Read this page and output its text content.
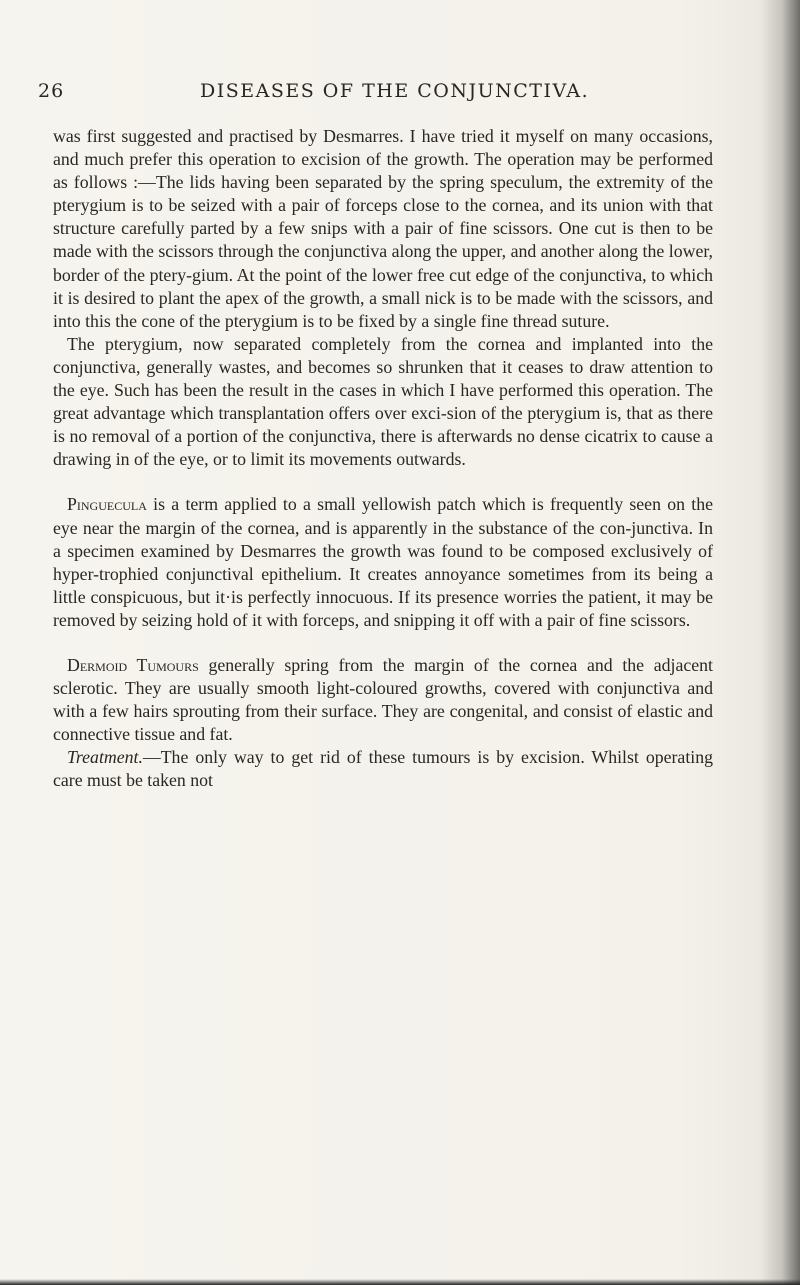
26	DISEASES OF THE CONJUNCTIVA.

was first suggested and practised by Desmarres. I have tried it myself on many occasions, and much prefer this operation to excision of the growth. The operation may be performed as follows :—The lids having been separated by the spring speculum, the extremity of the pterygium is to be seized with a pair of forceps close to the cornea, and its union with that structure carefully parted by a few snips with a pair of fine scissors. One cut is then to be made with the scissors through the conjunctiva along the upper, and another along the lower, border of the ptery-gium. At the point of the lower free cut edge of the conjunctiva, to which it is desired to plant the apex of the growth, a small nick is to be made with the scissors, and into this the cone of the pterygium is to be fixed by a single fine thread suture.

The pterygium, now separated completely from the cornea and implanted into the conjunctiva, generally wastes, and becomes so shrunken that it ceases to draw attention to the eye. Such has been the result in the cases in which I have performed this operation. The great advantage which transplantation offers over exci-sion of the pterygium is, that as there is no removal of a portion of the conjunctiva, there is afterwards no dense cicatrix to cause a drawing in of the eye, or to limit its movements outwards.

Pinguecula is a term applied to a small yellowish patch which is frequently seen on the eye near the margin of the cornea, and is apparently in the substance of the con-junctiva. In a specimen examined by Desmarres the growth was found to be composed exclusively of hyper-trophied conjunctival epithelium. It creates annoyance sometimes from its being a little conspicuous, but it·is perfectly innocuous. If its presence worries the patient, it may be removed by seizing hold of it with forceps, and snipping it off with a pair of fine scissors.

Dermoid Tumours generally spring from the margin of the cornea and the adjacent sclerotic. They are usually smooth light-coloured growths, covered with conjunctiva and with a few hairs sprouting from their surface. They are congenital, and consist of elastic and connective tissue and fat.

Treatment.—The only way to get rid of these tumours is by excision. Whilst operating care must be taken not
